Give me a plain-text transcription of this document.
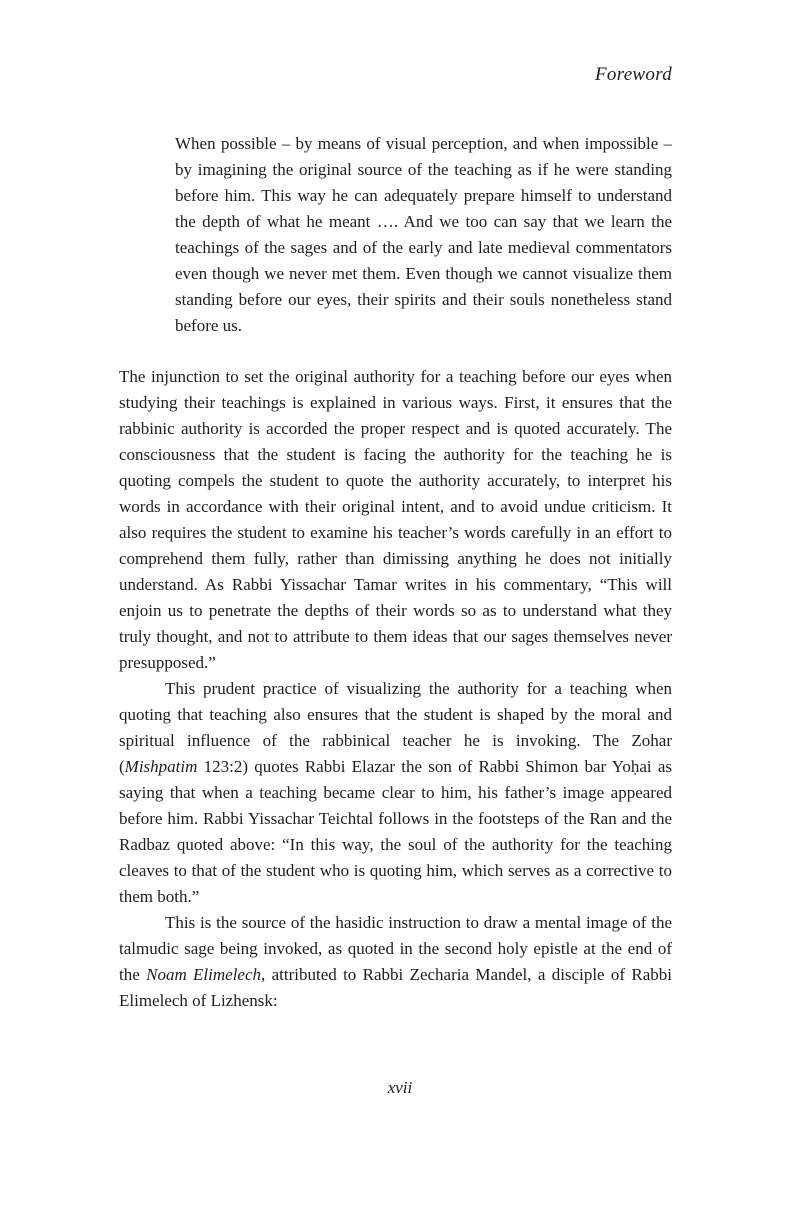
Foreword
When possible – by means of visual perception, and when impossible – by imagining the original source of the teaching as if he were standing before him. This way he can adequately prepare himself to understand the depth of what he meant …. And we too can say that we learn the teachings of the sages and of the early and late medieval commentators even though we never met them. Even though we cannot visualize them standing before our eyes, their spirits and their souls nonetheless stand before us.

The injunction to set the original authority for a teaching before our eyes when studying their teachings is explained in various ways. First, it ensures that the rabbinic authority is accorded the proper respect and is quoted accurately. The consciousness that the student is facing the authority for the teaching he is quoting compels the student to quote the authority accurately, to interpret his words in accordance with their original intent, and to avoid undue criticism. It also requires the student to examine his teacher’s words carefully in an effort to comprehend them fully, rather than dimissing anything he does not initially understand. As Rabbi Yissachar Tamar writes in his commentary, “This will enjoin us to penetrate the depths of their words so as to understand what they truly thought, and not to attribute to them ideas that our sages themselves never presupposed.”

This prudent practice of visualizing the authority for a teaching when quoting that teaching also ensures that the student is shaped by the moral and spiritual influence of the rabbinical teacher he is invoking. The Zohar (Mishpatim 123:2) quotes Rabbi Elazar the son of Rabbi Shimon bar Yoḥai as saying that when a teaching became clear to him, his father’s image appeared before him. Rabbi Yissachar Teichtal follows in the footsteps of the Ran and the Radbaz quoted above: “In this way, the soul of the authority for the teaching cleaves to that of the student who is quoting him, which serves as a corrective to them both.”

This is the source of the hasidic instruction to draw a mental image of the talmudic sage being invoked, as quoted in the second holy epistle at the end of the Noam Elimelech, attributed to Rabbi Zecharia Mandel, a disciple of Rabbi Elimelech of Lizhensk:

xvii
